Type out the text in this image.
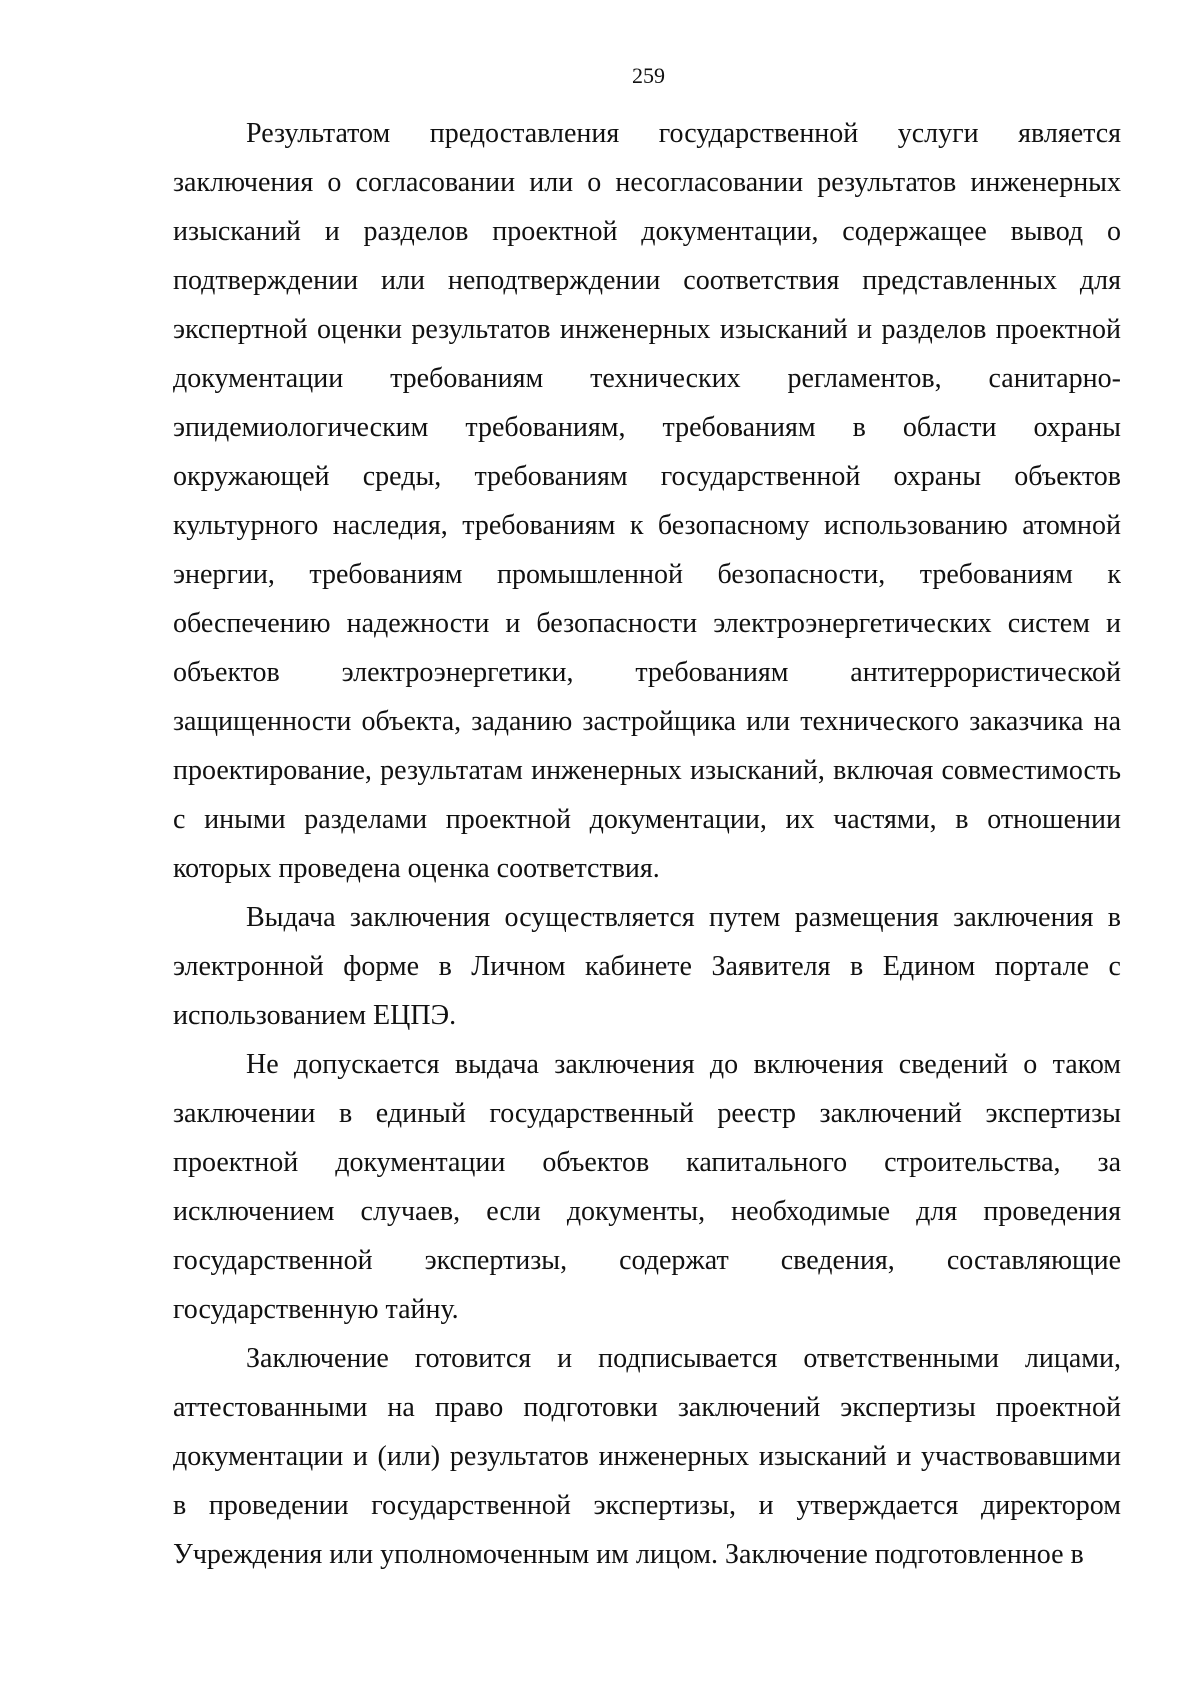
259

Результатом предоставления государственной услуги является заключения о согласовании или о несогласовании результатов инженерных изысканий и разделов проектной документации, содержащее вывод о подтверждении или неподтверждении соответствия представленных для экспертной оценки результатов инженерных изысканий и разделов проектной документации требованиям технических регламентов, санитарно-эпидемиологическим требованиям, требованиям в области охраны окружающей среды, требованиям государственной охраны объектов культурного наследия, требованиям к безопасному использованию атомной энергии, требованиям промышленной безопасности, требованиям к обеспечению надежности и безопасности электроэнергетических систем и объектов электроэнергетики, требованиям антитеррористической защищенности объекта, заданию застройщика или технического заказчика на проектирование, результатам инженерных изысканий, включая совместимость с иными разделами проектной документации, их частями, в отношении которых проведена оценка соответствия.

Выдача заключения осуществляется путем размещения заключения в электронной форме в Личном кабинете Заявителя в Едином портале с использованием ЕЦПЭ.

Не допускается выдача заключения до включения сведений о таком заключении в единый государственный реестр заключений экспертизы проектной документации объектов капитального строительства, за исключением случаев, если документы, необходимые для проведения государственной экспертизы, содержат сведения, составляющие государственную тайну.

Заключение готовится и подписывается ответственными лицами, аттестованными на право подготовки заключений экспертизы проектной документации и (или) результатов инженерных изысканий и участвовавшими в проведении государственной экспертизы, и утверждается директором Учреждения или уполномоченным им лицом. Заключение подготовленное в
